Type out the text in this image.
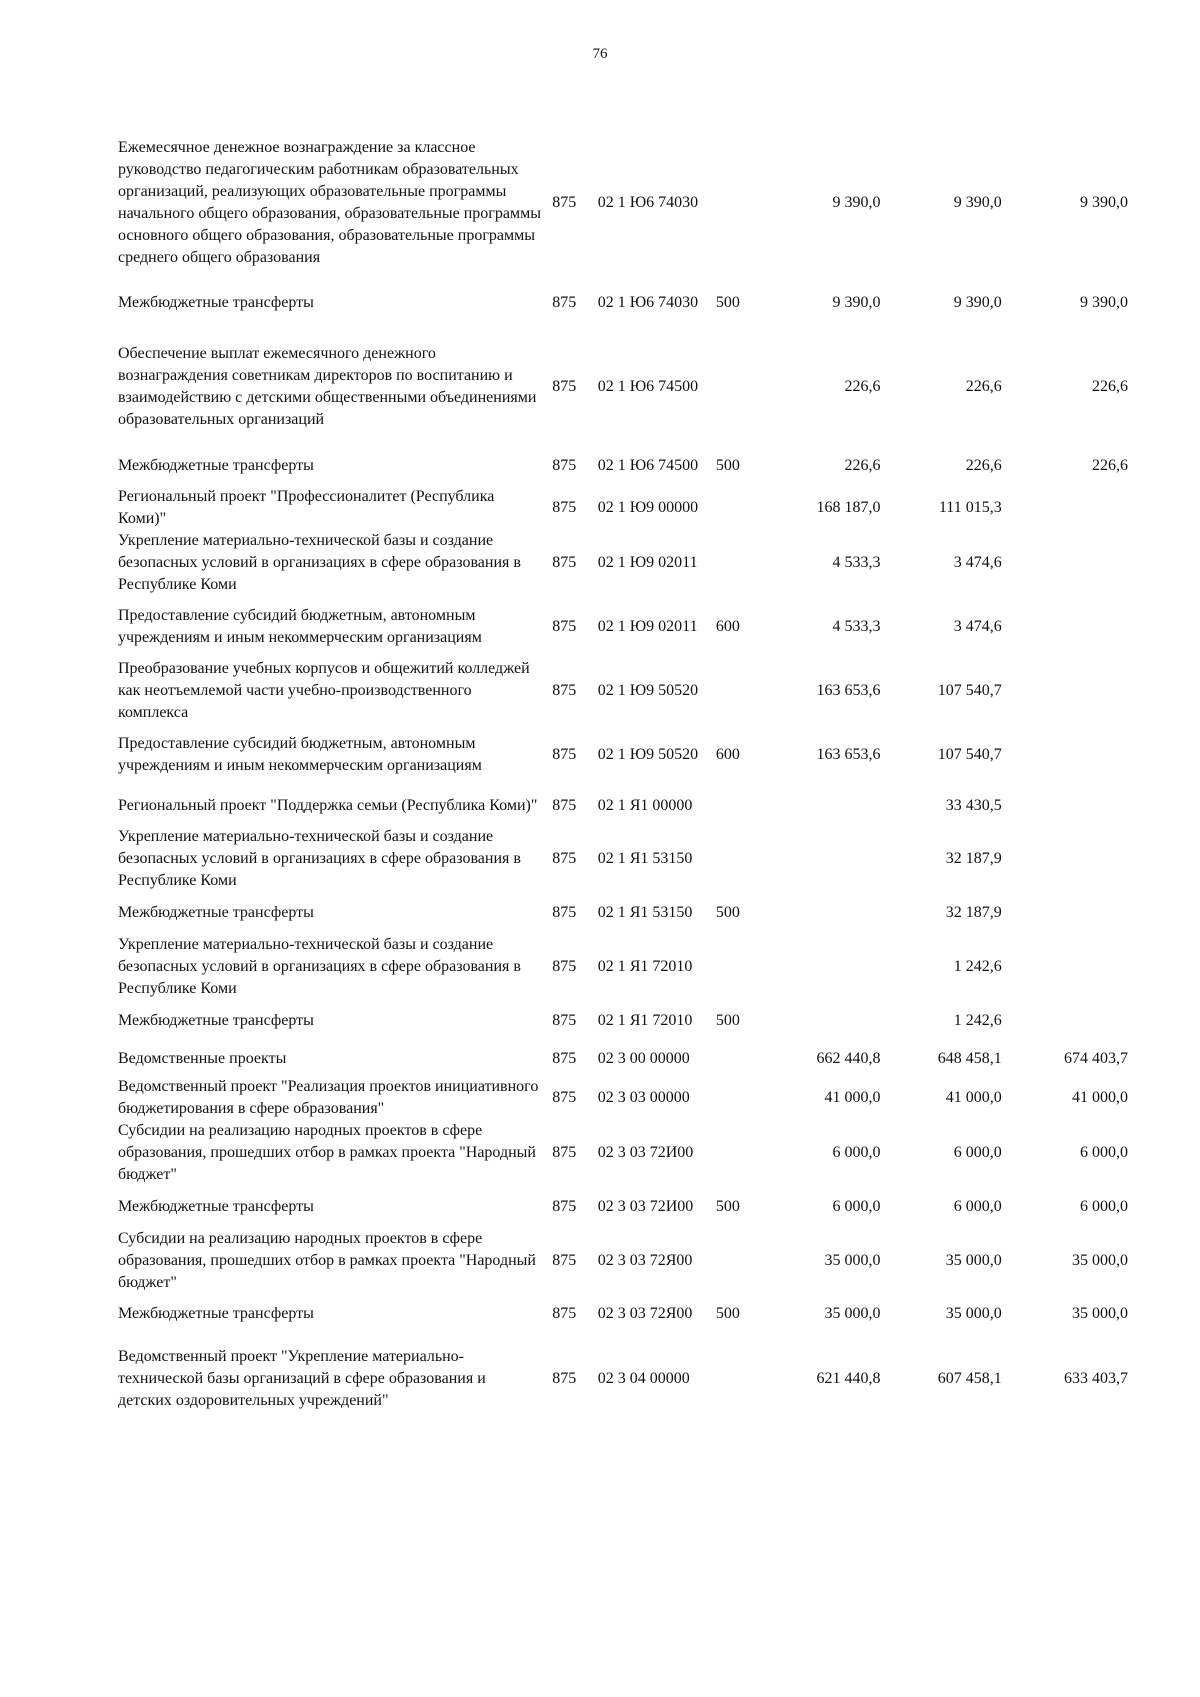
76
Ежемесячное денежное вознаграждение за классное руководство педагогическим работникам образовательных организаций, реализующих образовательные программы начального общего образования, образовательные программы основного общего образования, образовательные программы среднего общего образования	875	02 1 Ю6 74030		9 390,0	9 390,0	9 390,0
Межбюджетные трансферты	875	02 1 Ю6 74030	500	9 390,0	9 390,0	9 390,0
Обеспечение выплат ежемесячного денежного вознаграждения советникам директоров по воспитанию и взаимодействию с детскими общественными объединениями образовательных организаций	875	02 1 Ю6 74500		226,6	226,6	226,6
Межбюджетные трансферты	875	02 1 Ю6 74500	500	226,6	226,6	226,6
Региональный проект "Профессионалитет (Республика Коми)"	875	02 1 Ю9 00000		168 187,0	111 015,3	
Укрепление материально-технической базы и создание безопасных условий в организациях в сфере образования в Республике Коми	875	02 1 Ю9 02011		4 533,3	3 474,6	
Предоставление субсидий бюджетным, автономным учреждениям и иным некоммерческим организациям	875	02 1 Ю9 02011	600	4 533,3	3 474,6	
Преобразование учебных корпусов и общежитий колледжей как неотъемлемой части учебно-производственного комплекса	875	02 1 Ю9 50520		163 653,6	107 540,7	
Предоставление субсидий бюджетным, автономным учреждениям и иным некоммерческим организациям	875	02 1 Ю9 50520	600	163 653,6	107 540,7	
Региональный проект "Поддержка семьи (Республика Коми)"	875	02 1 Я1 00000			33 430,5	
Укрепление материально-технической базы и создание безопасных условий в организациях в сфере образования в Республике Коми	875	02 1 Я1 53150			32 187,9	
Межбюджетные трансферты	875	02 1 Я1 53150	500		32 187,9	
Укрепление материально-технической базы и создание безопасных условий в организациях в сфере образования в Республике Коми	875	02 1 Я1 72010			1 242,6	
Межбюджетные трансферты	875	02 1 Я1 72010	500		1 242,6	
Ведомственные проекты	875	02 3 00 00000		662 440,8	648 458,1	674 403,7
Ведомственный проект "Реализация проектов инициативного бюджетирования в сфере образования"	875	02 3 03 00000		41 000,0	41 000,0	41 000,0
Субсидии на реализацию народных проектов в сфере образования, прошедших отбор в рамках проекта "Народный бюджет"	875	02 3 03 72И00		6 000,0	6 000,0	6 000,0
Межбюджетные трансферты	875	02 3 03 72И00	500	6 000,0	6 000,0	6 000,0
Субсидии на реализацию народных проектов в сфере образования, прошедших отбор в рамках проекта "Народный бюджет"	875	02 3 03 72Я00		35 000,0	35 000,0	35 000,0
Межбюджетные трансферты	875	02 3 03 72Я00	500	35 000,0	35 000,0	35 000,0
Ведомственный проект "Укрепление материально-технической базы организаций в сфере образования и детских оздоровительных учреждений"	875	02 3 04 00000		621 440,8	607 458,1	633 403,7
